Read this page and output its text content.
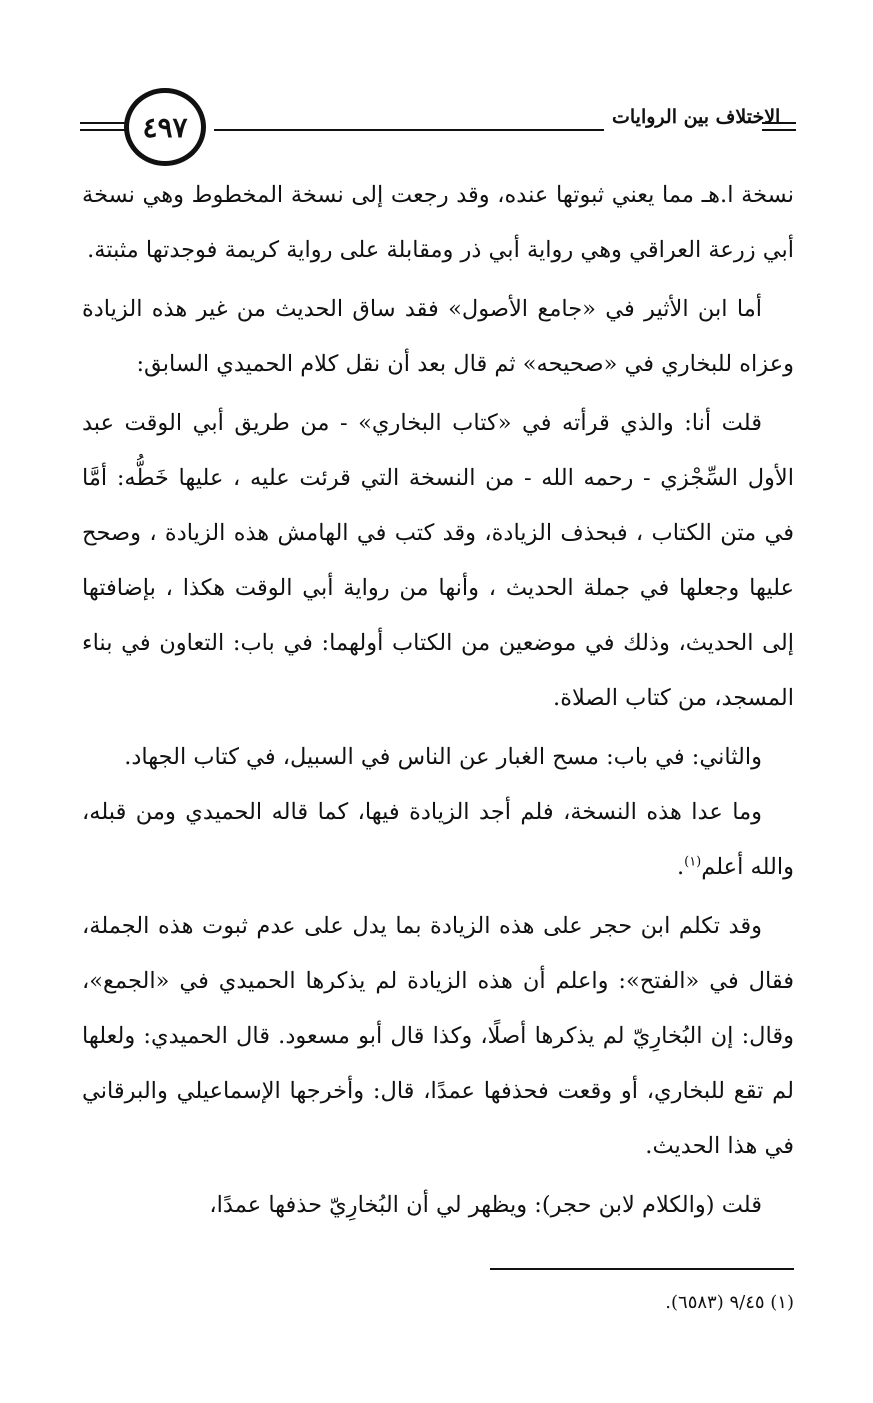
٤٩٧	الاختلاف بين الروايات

نسخة ا.هـ مما يعني ثبوتها عنده، وقد رجعت إلى نسخة المخطوط وهي نسخة أبي زرعة العراقي وهي رواية أبي ذر ومقابلة على رواية كريمة فوجدتها مثبتة.

أما ابن الأثير في «جامع الأصول» فقد ساق الحديث من غير هذه الزيادة وعزاه للبخاري في «صحيحه» ثم قال بعد أن نقل كلام الحميدي السابق:

قلت أنا: والذي قرأته في «كتاب البخاري» - من طريق أبي الوقت عبد الأول السِّجْزي - رحمه الله - من النسخة التي قرئت عليه ، عليها خَطُّه: أمَّا في متن الكتاب ، فبحذف الزيادة، وقد كتب في الهامش هذه الزيادة ، وصحح عليها وجعلها في جملة الحديث ، وأنها من رواية أبي الوقت هكذا ، بإضافتها إلى الحديث، وذلك في موضعين من الكتاب أولهما: في باب: التعاون في بناء المسجد، من كتاب الصلاة.

والثاني: في باب: مسح الغبار عن الناس في السبيل، في كتاب الجهاد.

وما عدا هذه النسخة، فلم أجد الزيادة فيها، كما قاله الحميدي ومن قبله، والله أعلم$^{(١)}$.

وقد تكلم ابن حجر على هذه الزيادة بما يدل على عدم ثبوت هذه الجملة، فقال في «الفتح»: واعلم أن هذه الزيادة لم يذكرها الحميدي في «الجمع»، وقال: إن البُخارِيّ لم يذكرها أصلًا، وكذا قال أبو مسعود. قال الحميدي: ولعلها لم تقع للبخاري، أو وقعت فحذفها عمدًا، قال: وأخرجها الإسماعيلي والبرقاني في هذا الحديث.

قلت (والكلام لابن حجر): ويظهر لي أن البُخارِيّ حذفها عمدًا،

(١) ٩/٤٥ (٦٥٨٣).
